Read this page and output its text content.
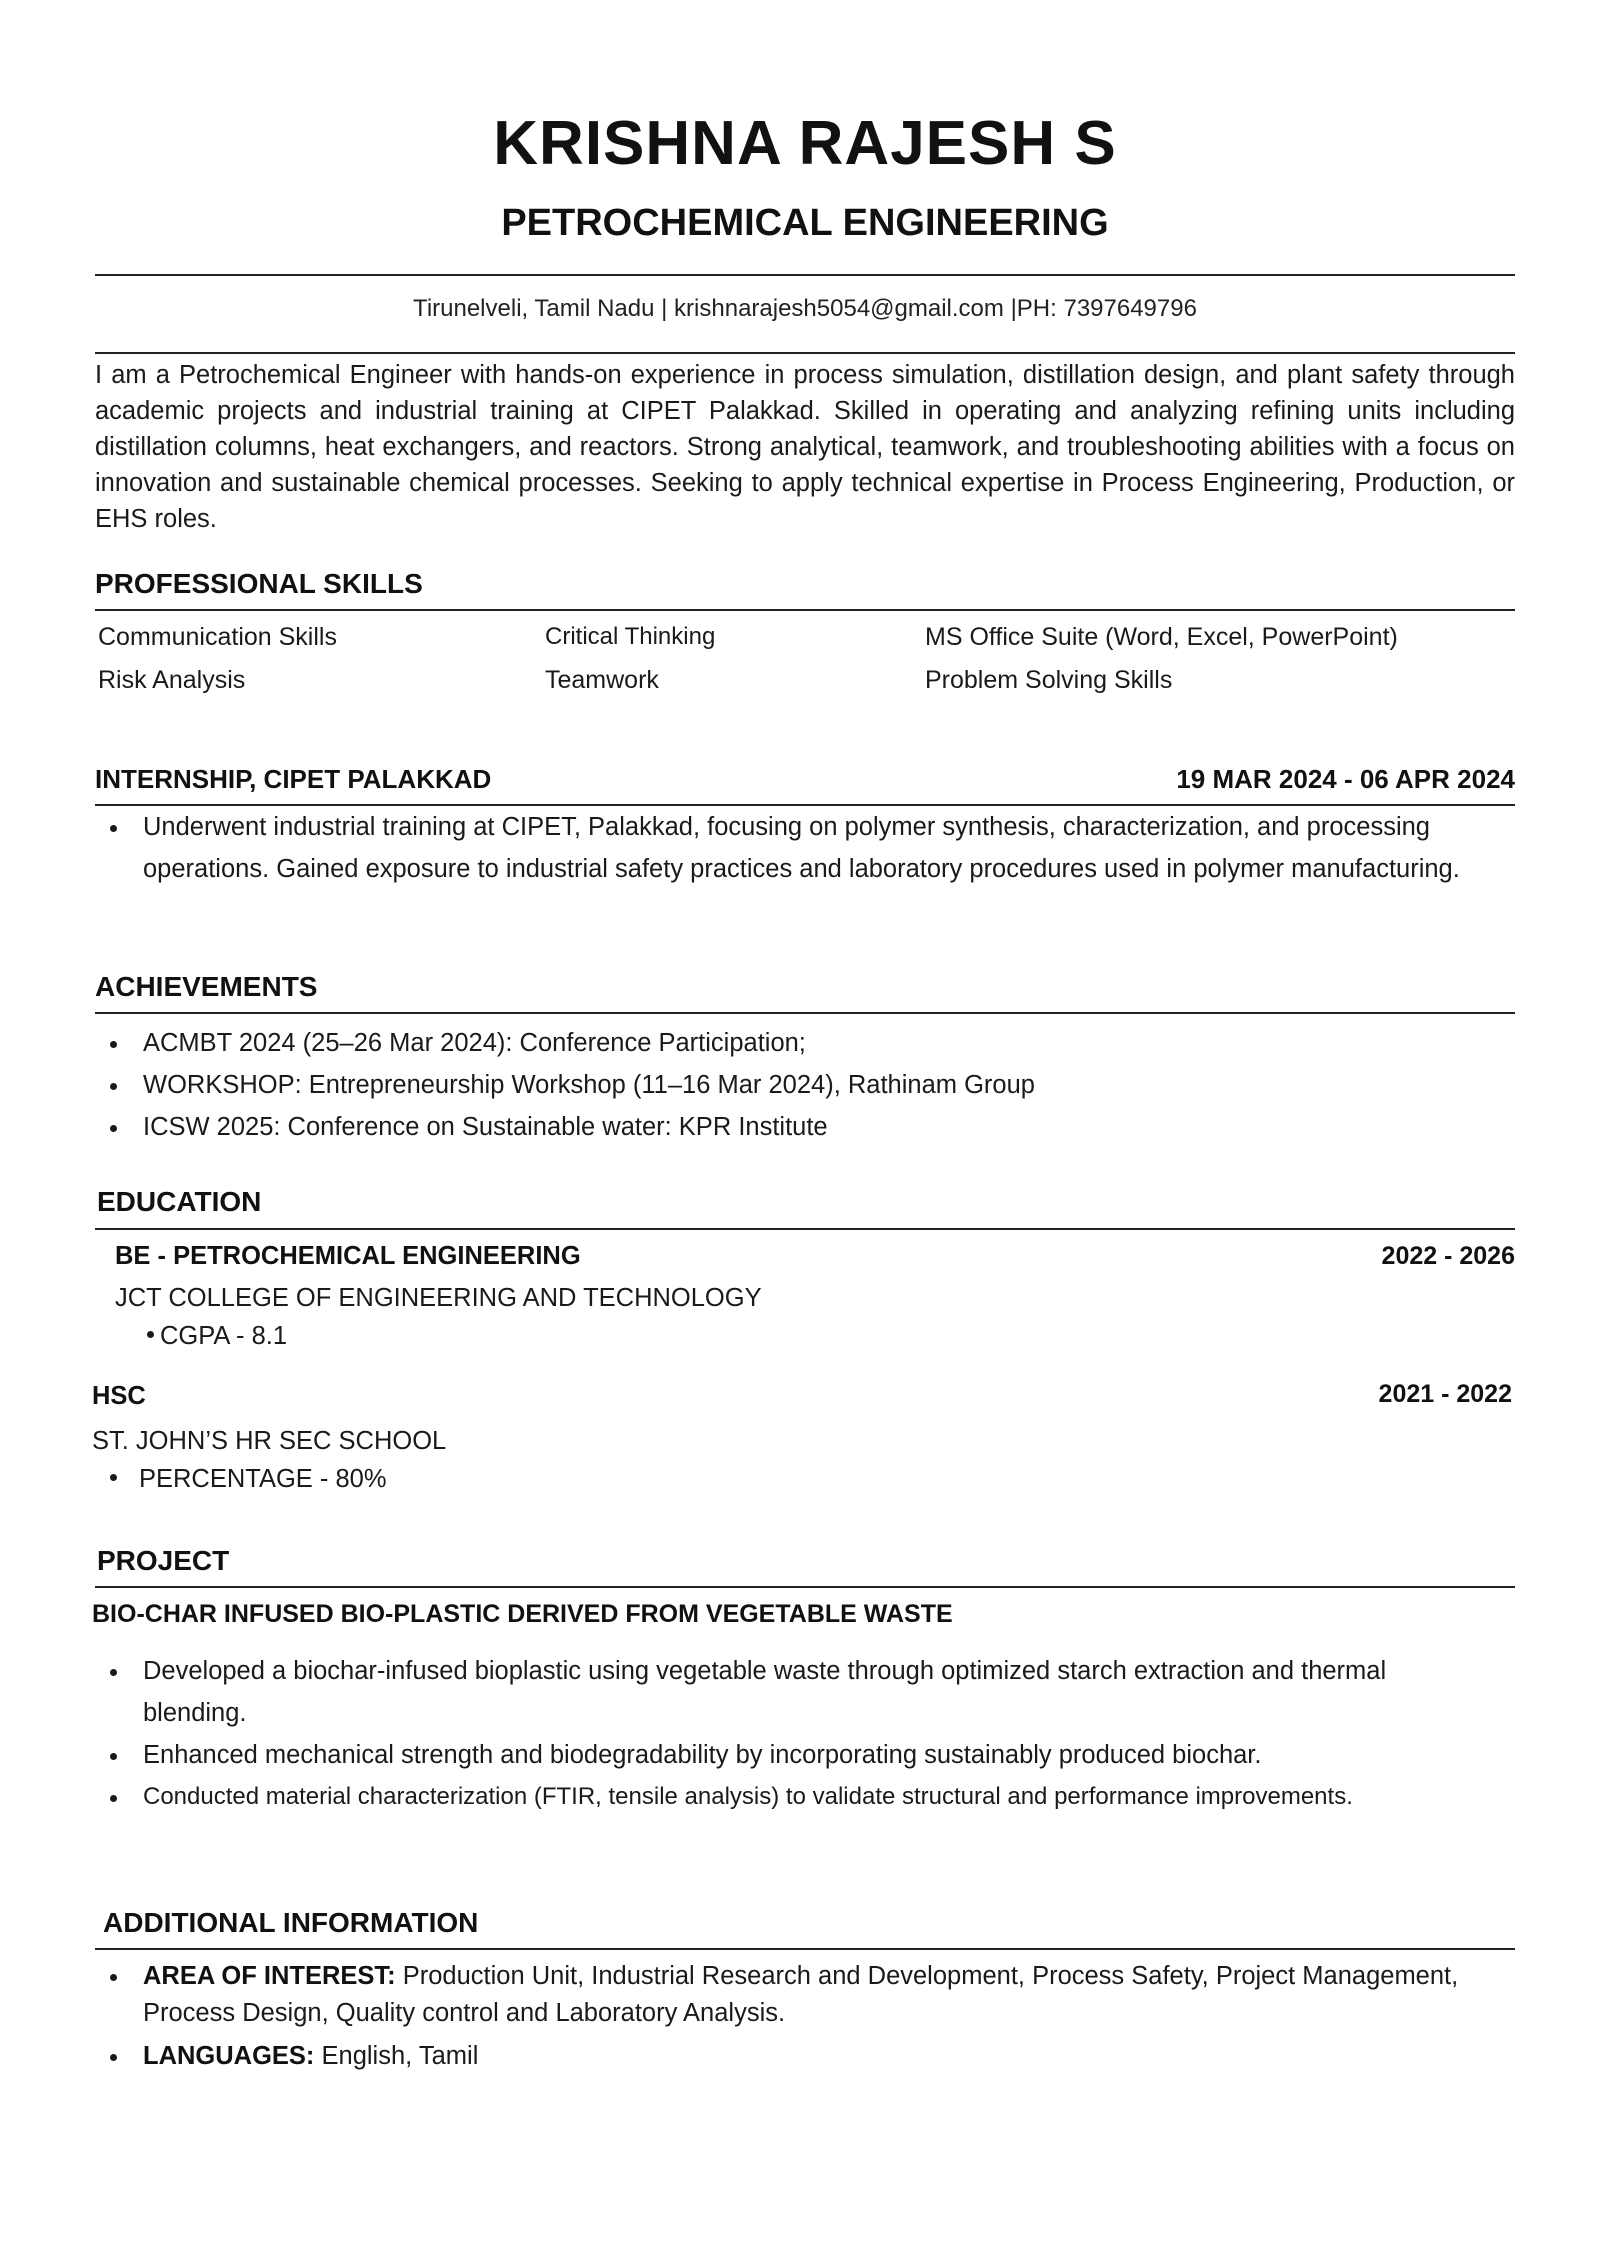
KRISHNA RAJESH S
PETROCHEMICAL ENGINEERING
Tirunelveli, Tamil Nadu | krishnarajesh5054@gmail.com |PH: 7397649796
I am a Petrochemical Engineer with hands-on experience in process simulation, distillation design, and plant safety through academic projects and industrial training at CIPET Palakkad. Skilled in operating and analyzing refining units including distillation columns, heat exchangers, and reactors. Strong analytical, teamwork, and troubleshooting abilities with a focus on innovation and sustainable chemical processes. Seeking to apply technical expertise in Process Engineering, Production, or EHS roles.
PROFESSIONAL SKILLS
Communication Skills	Critical Thinking	MS Office Suite (Word, Excel, PowerPoint)
Risk Analysis	Teamwork	Problem Solving Skills
INTERNSHIP, CIPET PALAKKAD	19 MAR 2024 - 06 APR 2024
Underwent industrial training at CIPET, Palakkad, focusing on polymer synthesis, characterization, and processing operations. Gained exposure to industrial safety practices and laboratory procedures used in polymer manufacturing.
ACHIEVEMENTS
ACMBT 2024 (25–26 Mar 2024): Conference Participation;
WORKSHOP: Entrepreneurship Workshop (11–16 Mar 2024), Rathinam Group
ICSW 2025: Conference on Sustainable water: KPR Institute
EDUCATION
BE - PETROCHEMICAL ENGINEERING	2022 - 2026
JCT COLLEGE OF ENGINEERING AND TECHNOLOGY
CGPA - 8.1
HSC	2021 - 2022
ST. JOHN’S HR SEC SCHOOL
PERCENTAGE - 80%
PROJECT
BIO-CHAR INFUSED BIO-PLASTIC DERIVED FROM VEGETABLE WASTE
Developed a biochar-infused bioplastic using vegetable waste through optimized starch extraction and thermal blending.
Enhanced mechanical strength and biodegradability by incorporating sustainably produced biochar.
Conducted material characterization (FTIR, tensile analysis) to validate structural and performance improvements.
ADDITIONAL INFORMATION
AREA OF INTEREST: Production Unit, Industrial Research and Development, Process Safety, Project Management, Process Design, Quality control and Laboratory Analysis.
LANGUAGES: English, Tamil
